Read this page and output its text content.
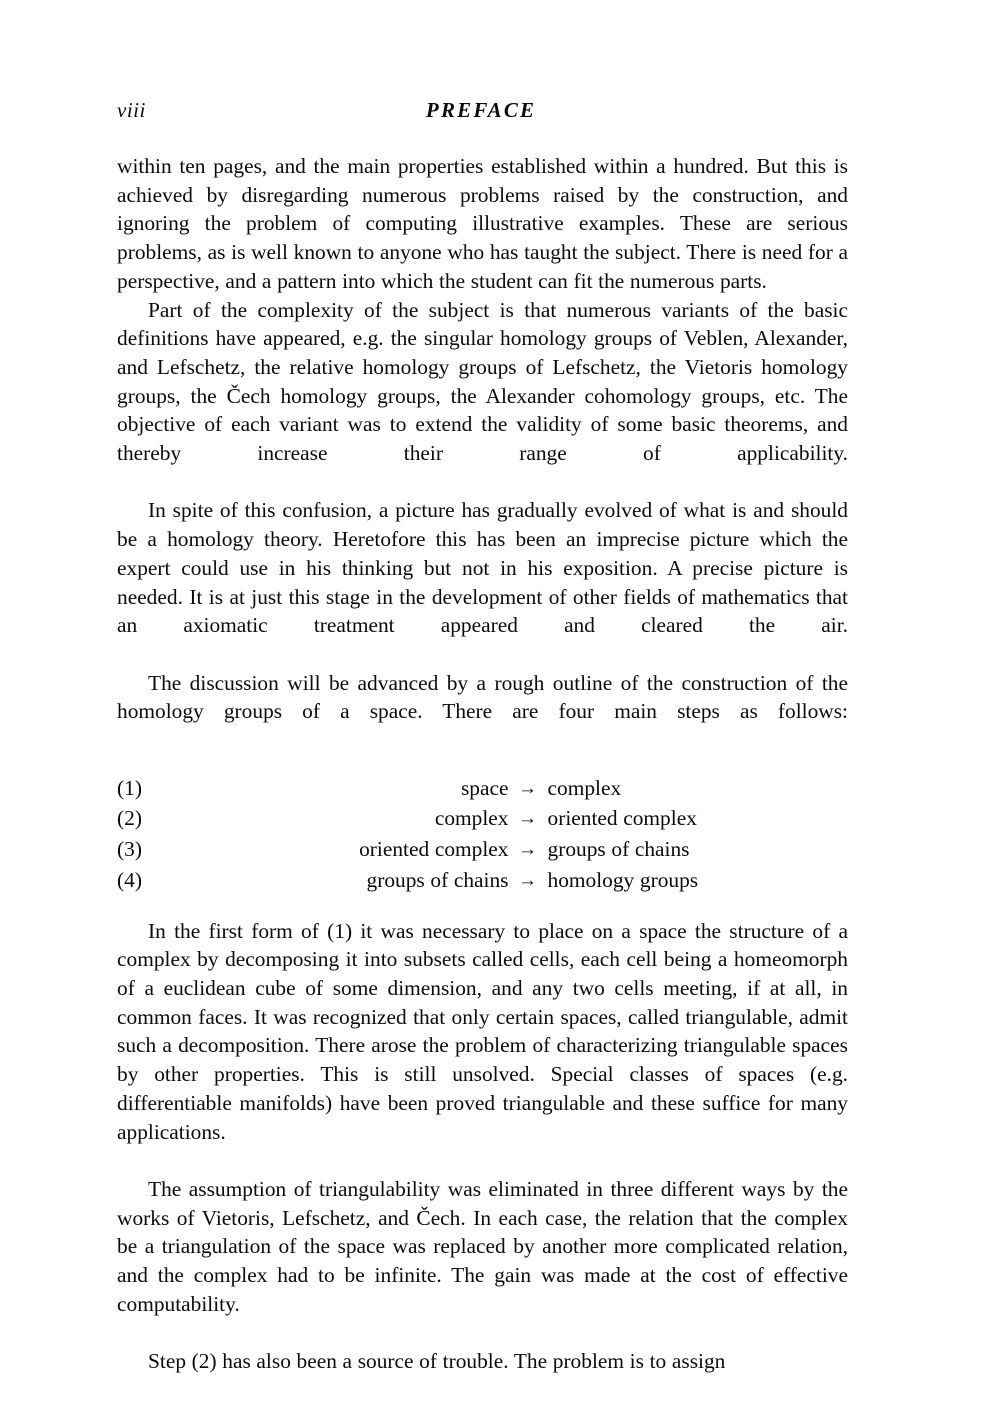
viii	PREFACE

within ten pages, and the main properties established within a hundred. But this is achieved by disregarding numerous problems raised by the construction, and ignoring the problem of computing illustrative examples. These are serious problems, as is well known to anyone who has taught the subject. There is need for a perspective, and a pattern into which the student can fit the numerous parts.

Part of the complexity of the subject is that numerous variants of the basic definitions have appeared, e.g. the singular homology groups of Veblen, Alexander, and Lefschetz, the relative homology groups of Lefschetz, the Vietoris homology groups, the Čech homology groups, the Alexander cohomology groups, etc. The objective of each variant was to extend the validity of some basic theorems, and thereby increase their range of applicability.

In spite of this confusion, a picture has gradually evolved of what is and should be a homology theory. Heretofore this has been an imprecise picture which the expert could use in his thinking but not in his exposition. A precise picture is needed. It is at just this stage in the development of other fields of mathematics that an axiomatic treatment appeared and cleared the air.

The discussion will be advanced by a rough outline of the construction of the homology groups of a space. There are four main steps as follows:

(1)	space → complex
(2)	complex → oriented complex
(3)	oriented complex → groups of chains
(4)	groups of chains → homology groups

In the first form of (1) it was necessary to place on a space the structure of a complex by decomposing it into subsets called cells, each cell being a homeomorph of a euclidean cube of some dimension, and any two cells meeting, if at all, in common faces. It was recognized that only certain spaces, called triangulable, admit such a decomposition. There arose the problem of characterizing triangulable spaces by other properties. This is still unsolved. Special classes of spaces (e.g. differentiable manifolds) have been proved triangulable and these suffice for many applications.

The assumption of triangulability was eliminated in three different ways by the works of Vietoris, Lefschetz, and Čech. In each case, the relation that the complex be a triangulation of the space was replaced by another more complicated relation, and the complex had to be infinite. The gain was made at the cost of effective computability.

Step (2) has also been a source of trouble. The problem is to assign
